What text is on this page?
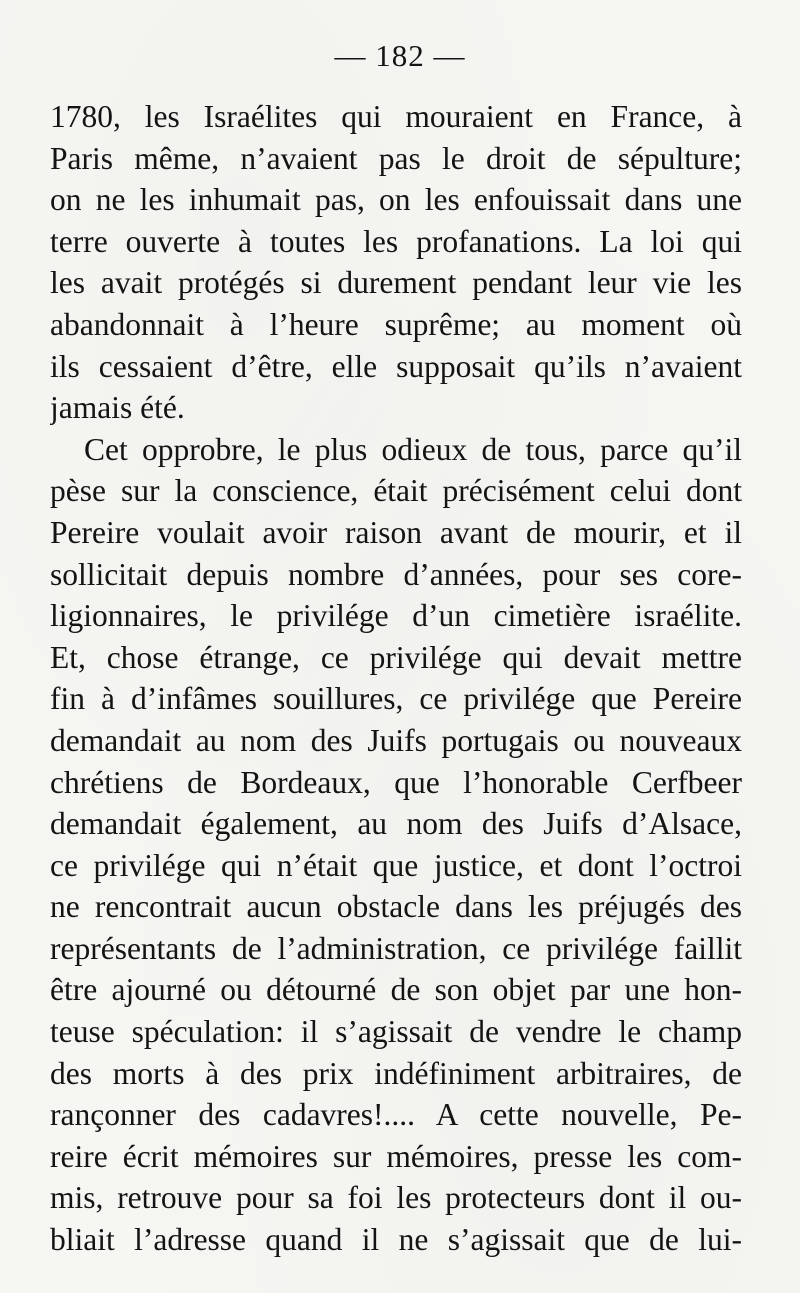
— 182 —
1780, les Israélites qui mouraient en France, à
Paris même, n’avaient pas le droit de sépulture;
on ne les inhumait pas, on les enfouissait dans une
terre ouverte à toutes les profanations. La loi qui
les avait protégés si durement pendant leur vie les
abandonnait à l’heure suprême; au moment où
ils cessaient d’être, elle supposait qu’ils n’avaient
jamais été.
Cet opprobre, le plus odieux de tous, parce qu’il
pèse sur la conscience, était précisément celui dont
Pereire voulait avoir raison avant de mourir, et il
sollicitait depuis nombre d’années, pour ses core-
ligionnaires, le privilége d’un cimetière israélite.
Et, chose étrange, ce privilége qui devait mettre
fin à d’infâmes souillures, ce privilége que Pereire
demandait au nom des Juifs portugais ou nouveaux
chrétiens de Bordeaux, que l’honorable Cerfbeer
demandait également, au nom des Juifs d’Alsace,
ce privilége qui n’était que justice, et dont l’octroi
ne rencontrait aucun obstacle dans les préjugés des
représentants de l’administration, ce privilége faillit
être ajourné ou détourné de son objet par une hon-
teuse spéculation: il s’agissait de vendre le champ
des morts à des prix indéfiniment arbitraires, de
rançonner des cadavres!.... A cette nouvelle, Pe-
reire écrit mémoires sur mémoires, presse les com-
mis, retrouve pour sa foi les protecteurs dont il ou-
bliait l’adresse quand il ne s’agissait que de lui-
